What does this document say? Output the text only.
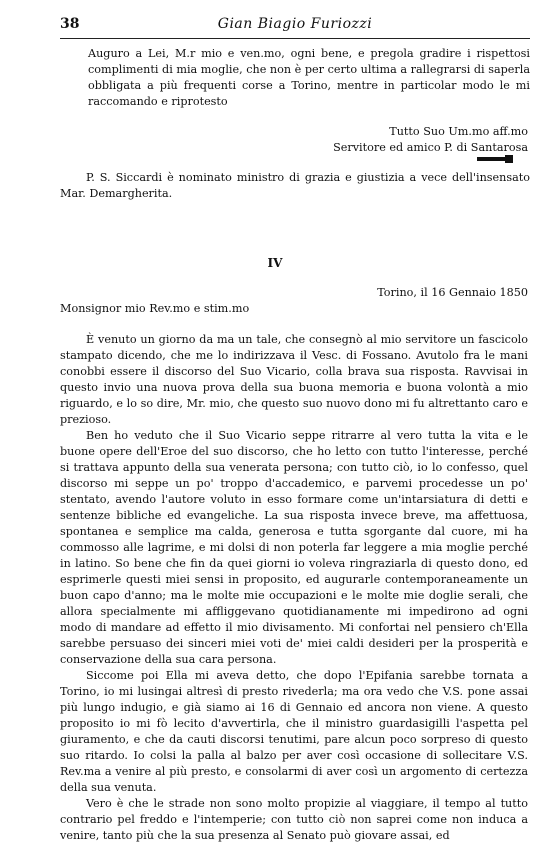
38	Gian Biagio Furiozzi

Auguro a Lei, M.r mio e ven.mo, ogni bene, e pregola gradire i rispettosi complimenti di mia moglie, che non è per certo ultima a rallegrarsi di saperla obbligata a più frequenti corse a Torino, mentre in particolar modo le mi raccomando e riprotesto

Tutto Suo Um.mo aff.mo
Servitore ed amico P. di Santarosa

P. S. Siccardi è nominato ministro di grazia e giustizia a vece dell'insensato Mar. Demargherita.

IV
Torino, il 16 Gennaio 1850
Monsignor mio Rev.mo e stim.mo

È venuto un giorno da ma un tale, che consegnò al mio servitore un fascicolo stampato dicendo, che me lo indirizzava il Vesc. di Fossano. Avutolo fra le mani conobbi essere il discorso del Suo Vicario, colla brava sua risposta. Ravvisai in questo invio una nuova prova della sua buona memoria e buona volontà a mio riguardo, e lo so dire, Mr. mio, che questo suo nuovo dono mi fu altrettanto caro e prezioso.

Ben ho veduto che il Suo Vicario seppe ritrarre al vero tutta la vita e le buone opere dell'Eroe del suo discorso, che ho letto con tutto l'interesse, perché si trattava appunto della sua venerata persona; con tutto ciò, io lo confesso, quel discorso mi seppe un po' troppo d'accademico, e parvemi procedesse un po' stentato, avendo l'autore voluto in esso formare come un'intarsiatura di detti e sentenze bibliche ed evangeliche. La sua risposta invece breve, ma affettuosa, spontanea e semplice ma calda, generosa e tutta sgorgante dal cuore, mi ha commosso alle lagrime, e mi dolsi di non poterla far leggere a mia moglie perché in latino. So bene che fin da quei giorni io voleva ringraziarla di questo dono, ed esprimerle questi miei sensi in proposito, ed augurarle contemporaneamente un buon capo d'anno; ma le molte mie occupazioni e le molte mie doglie serali, che allora specialmente mi affliggevano quotidianamente mi impedirono ad ogni modo di mandare ad effetto il mio divisamento. Mi confortai nel pensiero ch'Ella sarebbe persuaso dei sinceri miei voti de' miei caldi desideri per la prosperità e conservazione della sua cara persona.

Siccome poi Ella mi aveva detto, che dopo l'Epifania sarebbe tornata a Torino, io mi lusingai altresì di presto rivederla; ma ora vedo che V.S. pone assai più lungo indugio, e già siamo ai 16 di Gennaio ed ancora non viene. A questo proposito io mi fò lecito d'avvertirla, che il ministro guardasigilli l'aspetta pel giuramento, e che da cauti discorsi tenutimi, pare alcun poco sorpreso di questo suo ritardo. Io colsi la palla al balzo per aver così occasione di sollecitare V.S. Rev.ma a venire al più presto, e consolarmi di aver così un argomento di certezza della sua venuta.

Vero è che le strade non sono molto propizie al viaggiare, il tempo al tutto contrario pel freddo e l'intemperie; con tutto ciò non saprei come non induca a venire, tanto più che la sua presenza al Senato può giovare assai, ed
